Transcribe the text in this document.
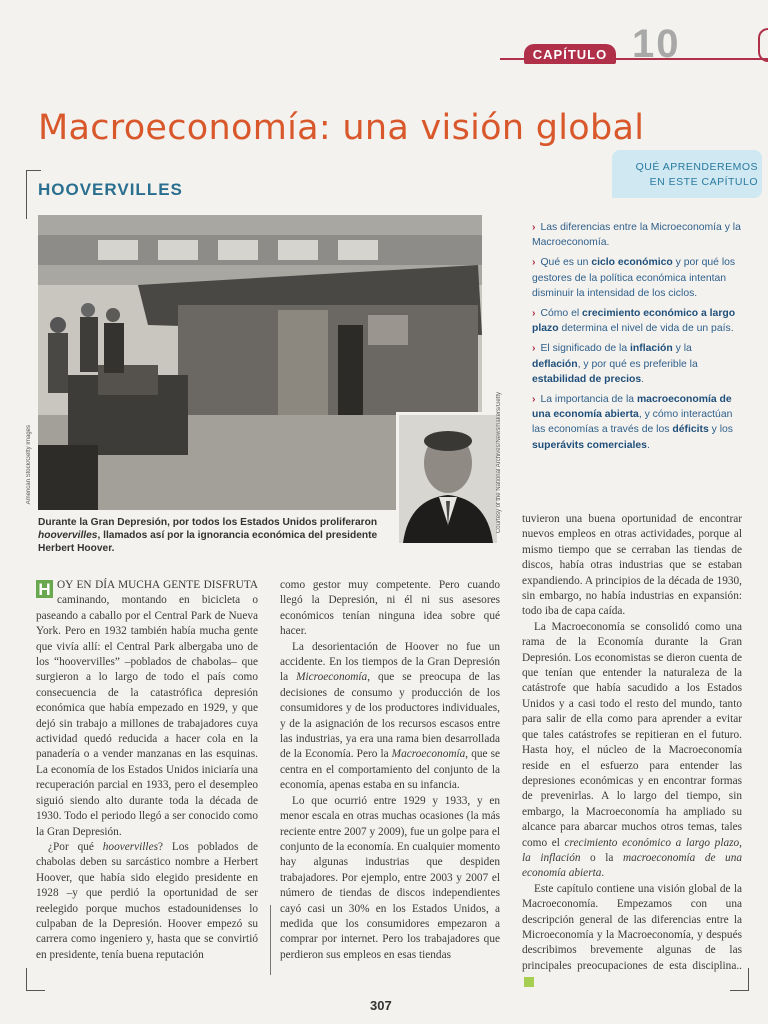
CAPÍTULO 10
Macroeconomía: una visión global
HOOVERVILLES
American Stock/Getty Images	Courtesy of the National Archives/Newsmakers/Getty
Durante la Gran Depresión, por todos los Estados Unidos proliferaron hoovervilles, llamados así por la ignorancia económica del presidente Herbert Hoover.
QUÉ APRENDEREMOS
EN ESTE CAPÍTULO
› Las diferencias entre la Microeconomía y la Macroeconomía.
› Qué es un ciclo económico y por qué los gestores de la política económica intentan disminuir la intensidad de los ciclos.
› Cómo el crecimiento económico a largo plazo determina el nivel de vida de un país.
› El significado de la inflación y la deflación, y por qué es preferible la estabilidad de precios.
› La importancia de la macroeconomía de una economía abierta, y cómo interactúan las economías a través de los déficits y los superávits comerciales.
H OY EN DÍA MUCHA GENTE DISFRUTA caminando, montando en bicicleta o paseando a caballo por el Central Park de Nueva York. Pero en 1932 también había mucha gente que vivía allí: el Central Park albergaba uno de los “hoovervilles” –poblados de chabolas– que surgieron a lo largo de todo el país como consecuencia de la catastrófica depresión económica que había empezado en 1929, y que dejó sin trabajo a millones de trabajadores cuya actividad quedó reducida a hacer cola en la panadería o a vender manzanas en las esquinas. La economía de los Estados Unidos iniciaría una recuperación parcial en 1933, pero el desempleo siguió siendo alto durante toda la década de 1930. Todo el periodo llegó a ser conocido como la Gran Depresión.

¿Por qué hoovervilles? Los poblados de chabolas deben su sarcástico nombre a Herbert Hoover, que había sido elegido presidente en 1928 –y que perdió la oportunidad de ser reelegido porque muchos estadounidenses lo culpaban de la Depresión. Hoover empezó su carrera como ingeniero y, hasta que se convirtió en presidente, tenía buena reputación

como gestor muy competente. Pero cuando llegó la Depresión, ni él ni sus asesores económicos tenían ninguna idea sobre qué hacer.

La desorientación de Hoover no fue un accidente. En los tiempos de la Gran Depresión la Microeconomía, que se preocupa de las decisiones de consumo y producción de los consumidores y de los productores individuales, y de la asignación de los recursos escasos entre las industrias, ya era una rama bien desarrollada de la Economía. Pero la Macroeconomía, que se centra en el comportamiento del conjunto de la economía, apenas estaba en su infancia.

Lo que ocurrió entre 1929 y 1933, y en menor escala en otras muchas ocasiones (la más reciente entre 2007 y 2009), fue un golpe para el conjunto de la economía. En cualquier momento hay algunas industrias que despiden trabajadores. Por ejemplo, entre 2003 y 2007 el número de tiendas de discos independientes cayó casi un 30% en los Estados Unidos, a medida que los consumidores empezaron a comprar por internet. Pero los trabajadores que perdieron sus empleos en esas tiendas

tuvieron una buena oportunidad de encontrar nuevos empleos en otras actividades, porque al mismo tiempo que se cerraban las tiendas de discos, había otras industrias que se estaban expandiendo. A principios de la década de 1930, sin embargo, no había industrias en expansión: todo iba de capa caída.

La Macroeconomía se consolidó como una rama de la Economía durante la Gran Depresión. Los economistas se dieron cuenta de que tenían que entender la naturaleza de la catástrofe que había sacudido a los Estados Unidos y a casi todo el resto del mundo, tanto para salir de ella como para aprender a evitar que tales catástrofes se repitieran en el futuro. Hasta hoy, el núcleo de la Macroeconomía reside en el esfuerzo para entender las depresiones económicas y en encontrar formas de prevenirlas. A lo largo del tiempo, sin embargo, la Macroeconomía ha ampliado su alcance para abarcar muchos otros temas, tales como el crecimiento económico a largo plazo, la inflación o la macroeconomía de una economía abierta.

Este capítulo contiene una visión global de la Macroeconomía. Empezamos con una descripción general de las diferencias entre la Microeconomía y la Macroeconomía, y después describimos brevemente algunas de las principales preocupaciones de esta disciplina..

307
